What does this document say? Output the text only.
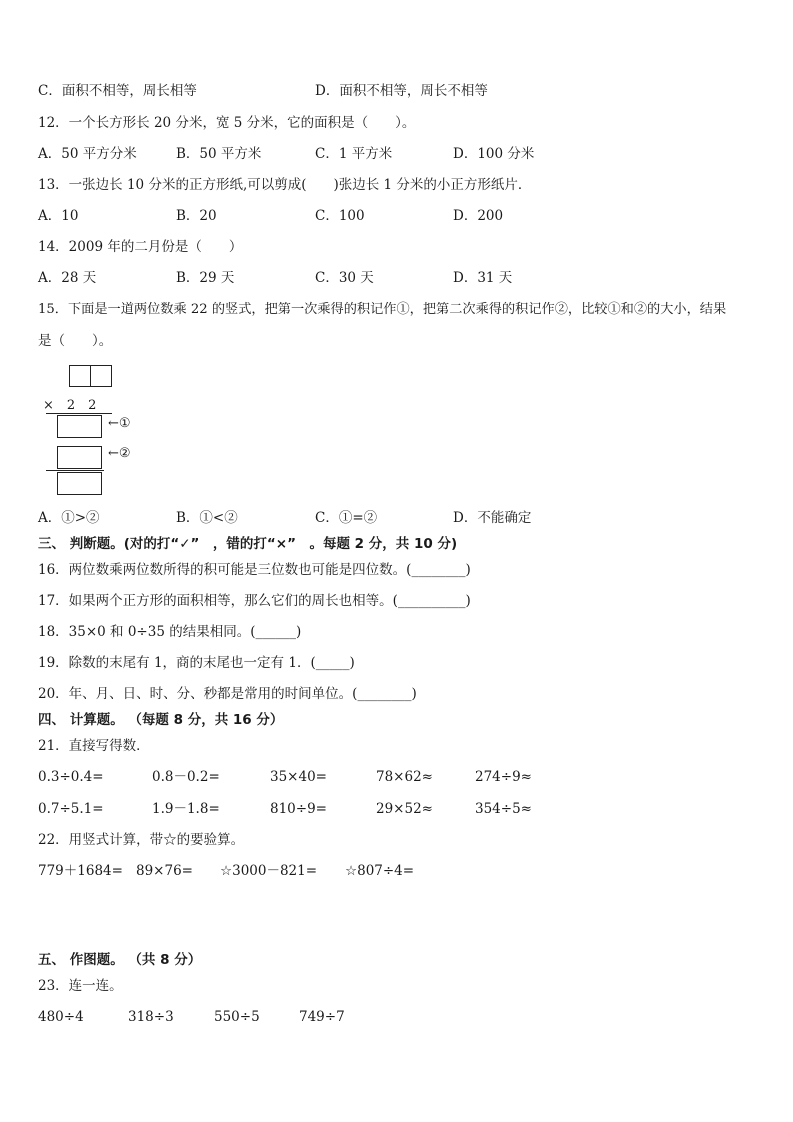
C．面积不相等，周长相等	D．面积不相等，周长不相等
12．一个长方形长 20 分米，宽 5 分米，它的面积是（　　）。
A．50 平方分米	B．50 平方米	C．1 平方米	D．100 分米
13．一张边长 10 分米的正方形纸,可以剪成(　　)张边长 1 分米的小正方形纸片．
A．10	B．20	C．100	D．200
14．2009 年的二月份是（　　）
A．28 天	B．29 天	C．30 天	D．31 天
15．下面是一道两位数乘 22 的竖式，把第一次乘得的积记作①，把第二次乘得的积记作②，比较①和②的大小，结果
是（　　）。
×　2　2
←①
←②
A．①>②	B．①<②	C．①=②	D．不能确定
三、 判断题。(对的打“✓”　，错的打“×”　。每题 2 分，共 10 分)
16．两位数乘两位数所得的积可能是三位数也可能是四位数。(________)
17．如果两个正方形的面积相等，那么它们的周长也相等。(__________)
18．35×0 和 0÷35 的结果相同。(______)
19．除数的末尾有 1，商的末尾也一定有 1．(_____)
20．年、月、日、时、分、秒都是常用的时间单位。(________)
四、 计算题。 （每题 8 分，共 16 分）
21．直接写得数．
0.3÷0.4=	0.8－0.2=	35×40=	78×62≈	274÷9≈
0.7÷5.1=	1.9－1.8=	810÷9=	29×52≈	354÷5≈
22．用竖式计算，带☆的要验算。
779＋1684= 89×76= ☆3000－821= ☆807÷4=
五、 作图题。 （共 8 分）
23．连一连。
480÷4	318÷3	550÷5	749÷7
